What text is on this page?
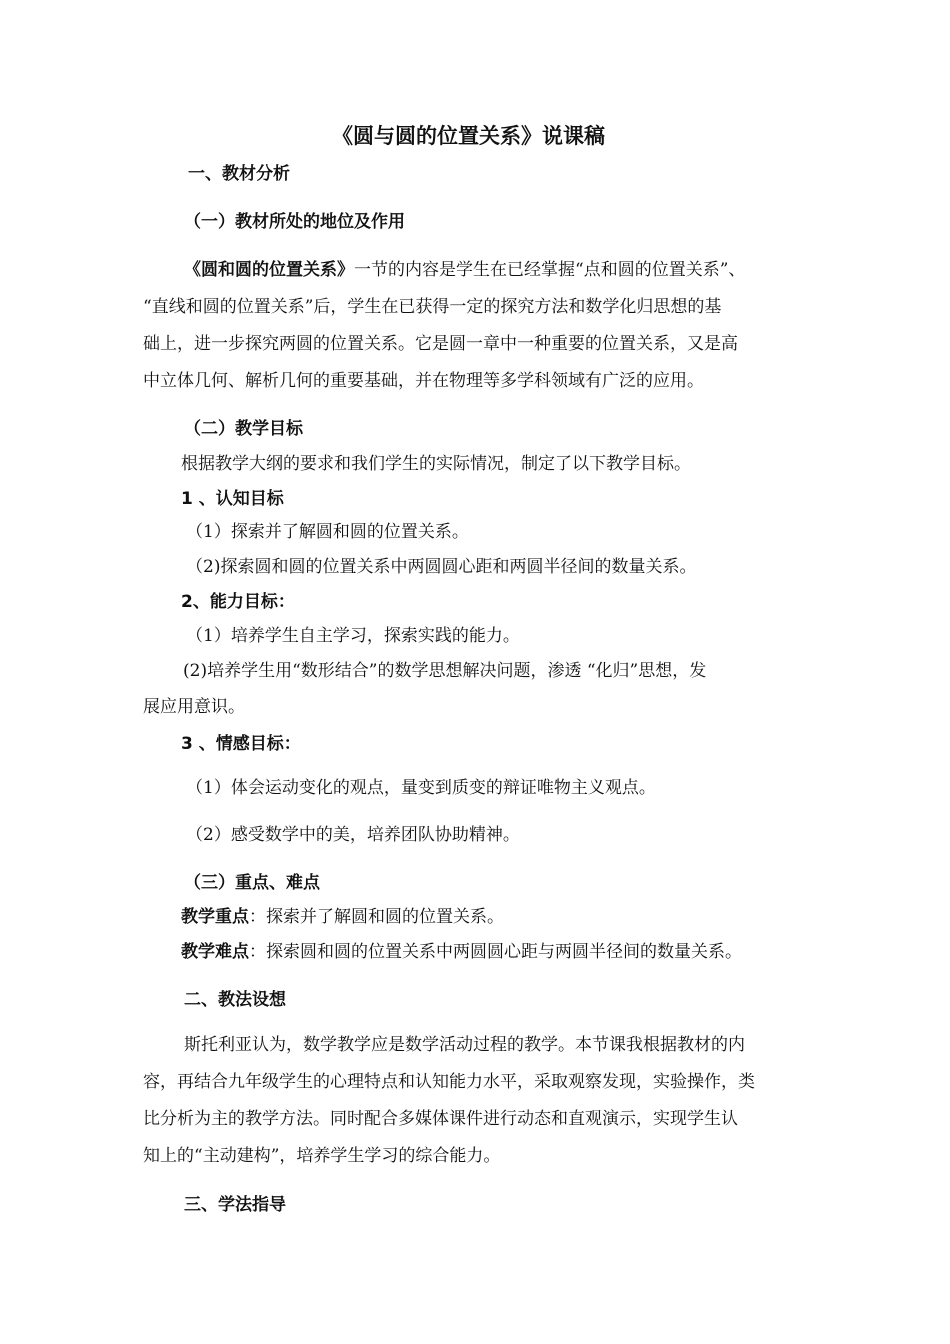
《圆与圆的位置关系》说课稿
一、教材分析
（一）教材所处的地位及作用
《圆和圆的位置关系》一节的内容是学生在已经掌握“点和圆的位置关系”、
“直线和圆的位置关系”后，学生在已获得一定的探究方法和数学化归思想的基
础上，进一步探究两圆的位置关系。它是圆一章中一种重要的位置关系，又是高
中立体几何、解析几何的重要基础，并在物理等多学科领域有广泛的应用。
（二）教学目标
根据教学大纲的要求和我们学生的实际情况，制定了以下教学目标。
1 、认知目标
（1）探索并了解圆和圆的位置关系。
（2)探索圆和圆的位置关系中两圆圆心距和两圆半径间的数量关系。
2、能力目标：
（1）培养学生自主学习，探索实践的能力。
(2)培养学生用“数形结合”的数学思想解决问题，渗透 “化归”思想，发
展应用意识。
3 、情感目标：
（1）体会运动变化的观点，量变到质变的辩证唯物主义观点。
（2）感受数学中的美，培养团队协助精神。
（三）重点、难点
教学重点：探索并了解圆和圆的位置关系。
教学难点：探索圆和圆的位置关系中两圆圆心距与两圆半径间的数量关系。
二、教法设想
斯托利亚认为，数学教学应是数学活动过程的教学。本节课我根据教材的内
容，再结合九年级学生的心理特点和认知能力水平，采取观察发现，实验操作，类
比分析为主的教学方法。同时配合多媒体课件进行动态和直观演示，实现学生认
知上的“主动建构”，培养学生学习的综合能力。
三、学法指导
